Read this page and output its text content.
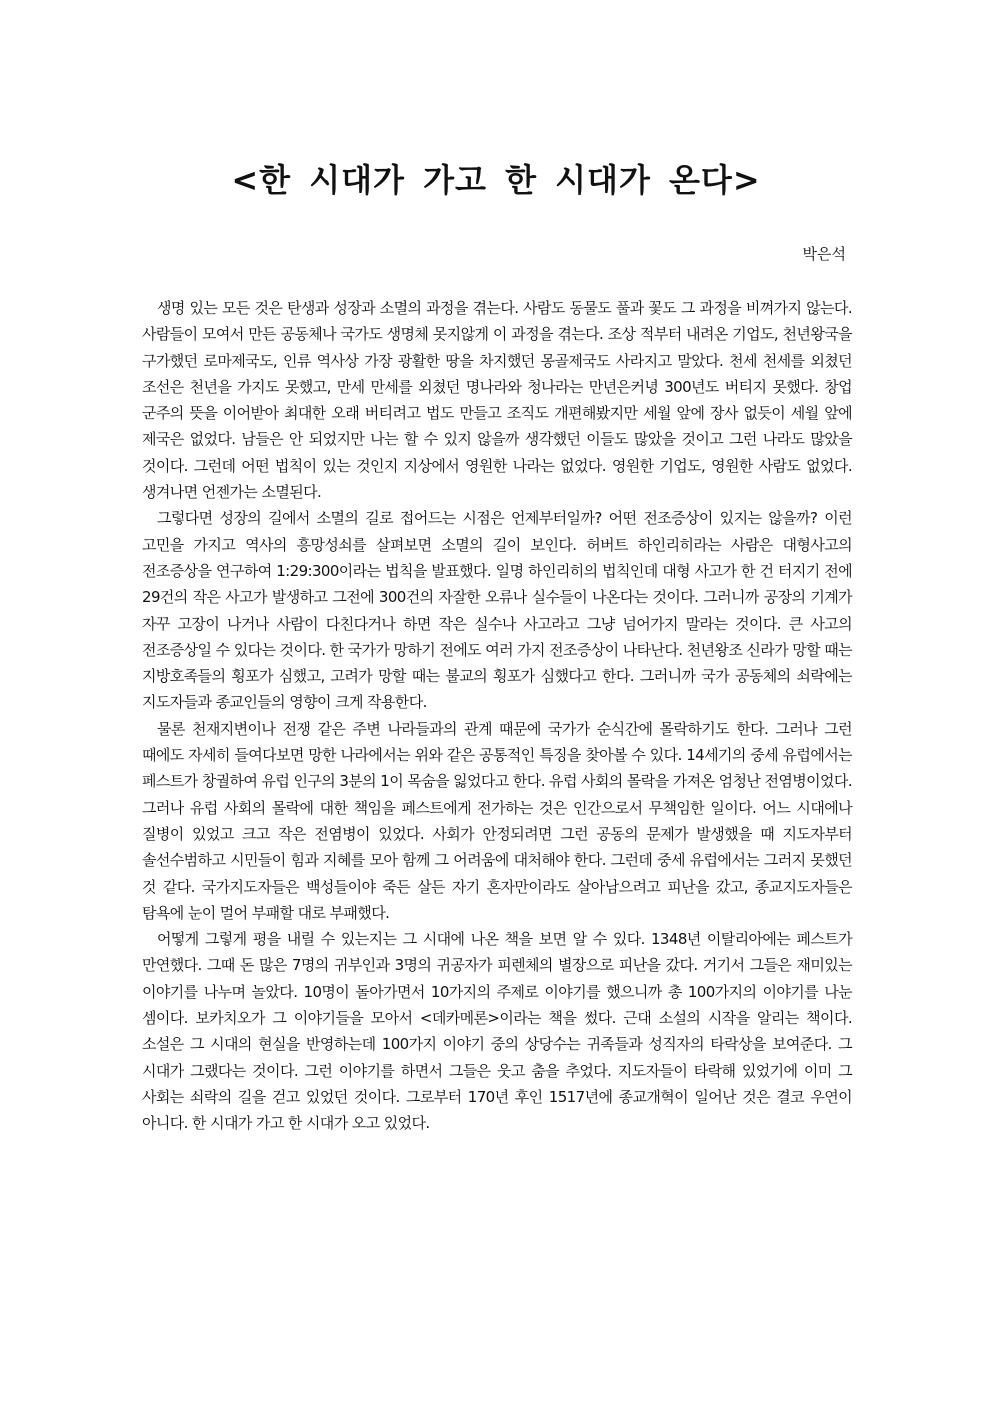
<한 시대가 가고 한 시대가 온다>

박은석

생명 있는 모든 것은 탄생과 성장과 소멸의 과정을 겪는다. 사람도 동물도 풀과 꽃도 그 과정을 비껴가지 않는다. 사람들이 모여서 만든 공동체나 국가도 생명체 못지않게 이 과정을 겪는다. 조상 적부터 내려온 기업도, 천년왕국을 구가했던 로마제국도, 인류 역사상 가장 광활한 땅을 차지했던 몽골제국도 사라지고 말았다. 천세 천세를 외쳤던 조선은 천년을 가지도 못했고, 만세 만세를 외쳤던 명나라와 청나라는 만년은커녕 300년도 버티지 못했다. 창업 군주의 뜻을 이어받아 최대한 오래 버티려고 법도 만들고 조직도 개편해봤지만 세월 앞에 장사 없듯이 세월 앞에 제국은 없었다. 남들은 안 되었지만 나는 할 수 있지 않을까 생각했던 이들도 많았을 것이고 그런 나라도 많았을 것이다. 그런데 어떤 법칙이 있는 것인지 지상에서 영원한 나라는 없었다. 영원한 기업도, 영원한 사람도 없었다. 생겨나면 언젠가는 소멸된다.

그렇다면 성장의 길에서 소멸의 길로 접어드는 시점은 언제부터일까? 어떤 전조증상이 있지는 않을까? 이런 고민을 가지고 역사의 흥망성쇠를 살펴보면 소멸의 길이 보인다. 허버트 하인리히라는 사람은 대형사고의 전조증상을 연구하여 1:29:300이라는 법칙을 발표했다. 일명 하인리히의 법칙인데 대형 사고가 한 건 터지기 전에 29건의 작은 사고가 발생하고 그전에 300건의 자잘한 오류나 실수들이 나온다는 것이다. 그러니까 공장의 기계가 자꾸 고장이 나거나 사람이 다친다거나 하면 작은 실수나 사고라고 그냥 넘어가지 말라는 것이다. 큰 사고의 전조증상일 수 있다는 것이다. 한 국가가 망하기 전에도 여러 가지 전조증상이 나타난다. 천년왕조 신라가 망할 때는 지방호족들의 횡포가 심했고, 고려가 망할 때는 불교의 횡포가 심했다고 한다. 그러니까 국가 공동체의 쇠락에는 지도자들과 종교인들의 영향이 크게 작용한다.

물론 천재지변이나 전쟁 같은 주변 나라들과의 관계 때문에 국가가 순식간에 몰락하기도 한다. 그러나 그런 때에도 자세히 들여다보면 망한 나라에서는 위와 같은 공통적인 특징을 찾아볼 수 있다. 14세기의 중세 유럽에서는 페스트가 창궐하여 유럽 인구의 3분의 1이 목숨을 잃었다고 한다. 유럽 사회의 몰락을 가져온 엄청난 전염병이었다. 그러나 유럽 사회의 몰락에 대한 책임을 페스트에게 전가하는 것은 인간으로서 무책임한 일이다. 어느 시대에나 질병이 있었고 크고 작은 전염병이 있었다. 사회가 안정되려면 그런 공동의 문제가 발생했을 때 지도자부터 솔선수범하고 시민들이 힘과 지혜를 모아 함께 그 어려움에 대처해야 한다. 그런데 중세 유럽에서는 그러지 못했던 것 같다. 국가지도자들은 백성들이야 죽든 살든 자기 혼자만이라도 살아남으려고 피난을 갔고, 종교지도자들은 탐욕에 눈이 멀어 부패할 대로 부패했다.

어떻게 그렇게 평을 내릴 수 있는지는 그 시대에 나온 책을 보면 알 수 있다. 1348년 이탈리아에는 페스트가 만연했다. 그때 돈 많은 7명의 귀부인과 3명의 귀공자가 피렌체의 별장으로 피난을 갔다. 거기서 그들은 재미있는 이야기를 나누며 놀았다. 10명이 돌아가면서 10가지의 주제로 이야기를 했으니까 총 100가지의 이야기를 나눈 셈이다. 보카치오가 그 이야기들을 모아서 <데카메론>이라는 책을 썼다. 근대 소설의 시작을 알리는 책이다. 소설은 그 시대의 현실을 반영하는데 100가지 이야기 중의 상당수는 귀족들과 성직자의 타락상을 보여준다. 그 시대가 그랬다는 것이다. 그런 이야기를 하면서 그들은 웃고 춤을 추었다. 지도자들이 타락해 있었기에 이미 그 사회는 쇠락의 길을 걷고 있었던 것이다. 그로부터 170년 후인 1517년에 종교개혁이 일어난 것은 결코 우연이 아니다. 한 시대가 가고 한 시대가 오고 있었다.
